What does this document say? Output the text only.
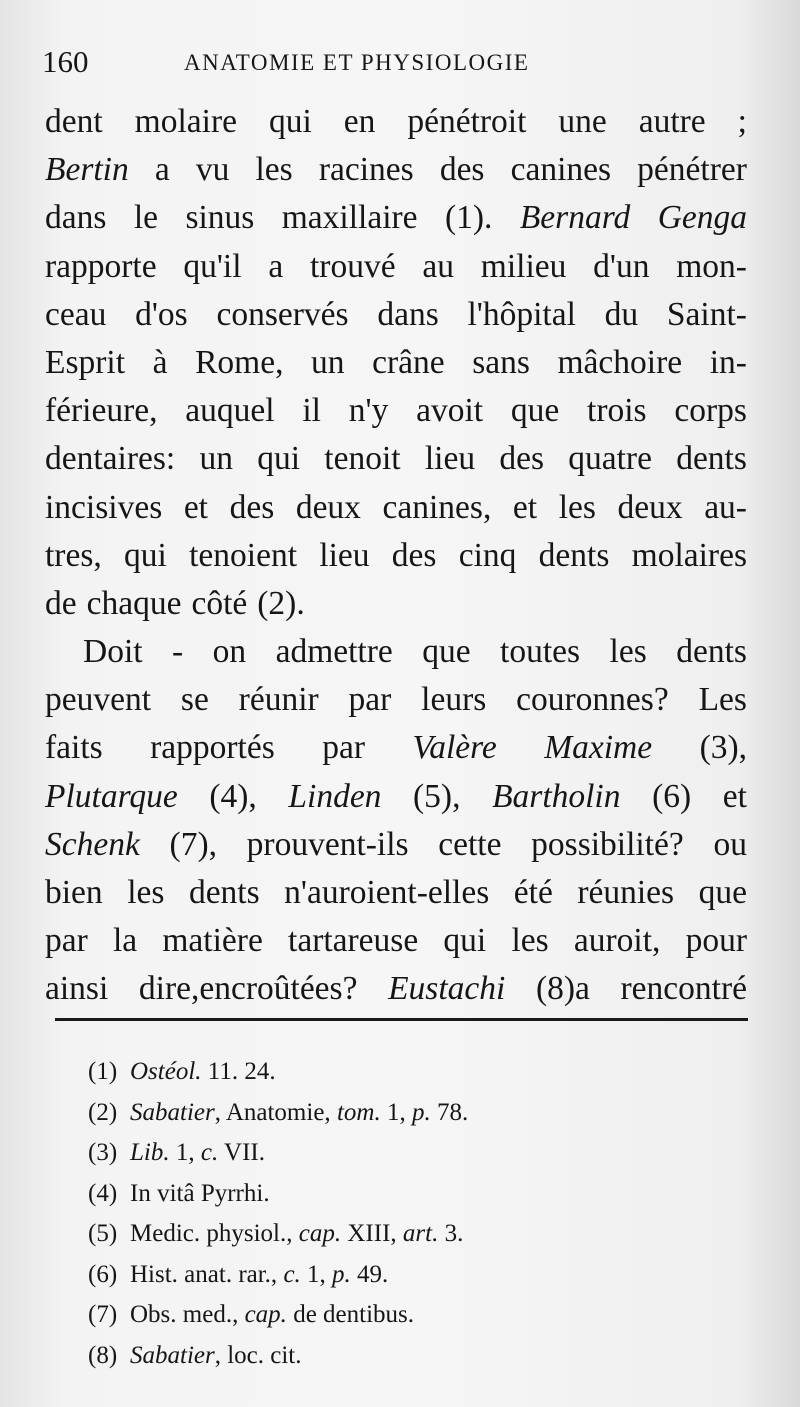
160	ANATOMIE ET PHYSIOLOGIE
dent molaire qui en pénétroit une autre ;
Bertin a vu les racines des canines pénétrer
dans le sinus maxillaire (1). Bernard Genga
rapporte qu'il a trouvé au milieu d'un mon-
ceau d'os conservés dans l'hôpital du Saint-
Esprit à Rome, un crâne sans mâchoire in-
férieure, auquel il n'y avoit que trois corps
dentaires: un qui tenoit lieu des quatre dents
incisives et des deux canines, et les deux au-
tres, qui tenoient lieu des cinq dents molaires
de chaque côté (2).
Doit - on admettre que toutes les dents
peuvent se réunir par leurs couronnes? Les
faits rapportés par Valère Maxime (3),
Plutarque (4), Linden (5), Bartholin (6) et
Schenk (7), prouvent-ils cette possibilité? ou
bien les dents n'auroient-elles été réunies que
par la matière tartareuse qui les auroit, pour
ainsi dire,encroûtées? Eustachi (8)a rencontré
(1) Ostéol. 11. 24.
(2) Sabatier, Anatomie, tom. 1, p. 78.
(3) Lib. 1, c. VII.
(4) In vitâ Pyrrhi.
(5) Medic. physiol., cap. XIII, art. 3.
(6) Hist. anat. rar., c. 1, p. 49.
(7) Obs. med., cap. de dentibus.
(8) Sabatier, loc. cit.
